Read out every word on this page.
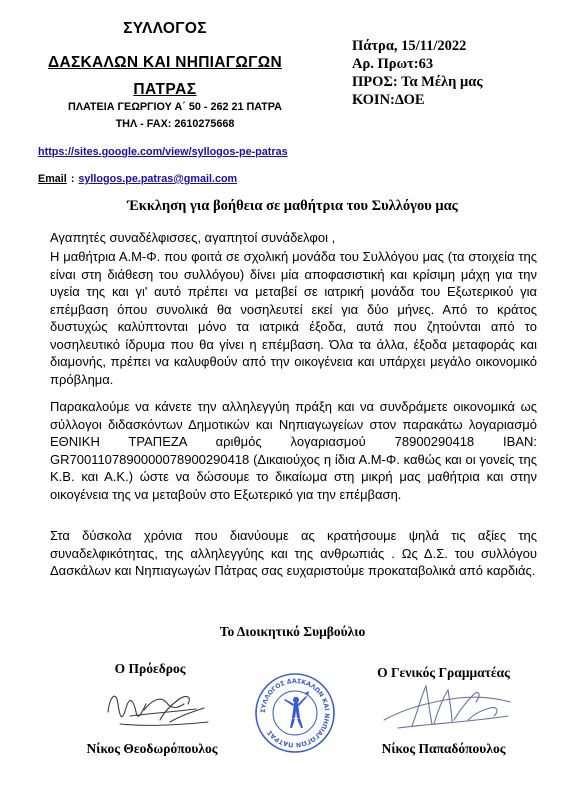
ΣΥΛΛΟΓΟΣ
ΔΑΣΚΑΛΩΝ ΚΑΙ ΝΗΠΙΑΓΩΓΩΝ
ΠΑΤΡΑΣ
ΠΛΑΤΕΙΑ ΓΕΩΡΓΙΟΥ Α΄ 50 - 262 21 ΠΑΤΡΑ
ΤΗΛ - FAX: 2610275668
Πάτρα, 15/11/2022
Αρ. Πρωτ:63
ΠΡΟΣ: Τα Μέλη μας
ΚΟΙΝ:ΔΟΕ
https://sites.google.com/view/syllogos-pe-patras
Email : syllogos.pe.patras@gmail.com
Έκκληση για βοήθεια σε μαθήτρια του Συλλόγου μας
Αγαπητές συναδέλφισσες, αγαπητοί συνάδελφοι ,
Η μαθήτρια Α.Μ-Φ. που φοιτά σε σχολική μονάδα του Συλλόγου μας (τα στοιχεία της είναι στη διάθεση του συλλόγου) δίνει μία αποφασιστική και κρίσιμη μάχη για την υγεία της και γι' αυτό πρέπει να μεταβεί σε ιατρική μονάδα του Εξωτερικού για επέμβαση όπου συνολικά θα νοσηλευτεί εκεί για δύο μήνες. Από το κράτος δυστυχώς καλύπτονται μόνο τα ιατρικά έξοδα, αυτά που ζητούνται από το νοσηλευτικό ίδρυμα που θα γίνει η επέμβαση. Όλα τα άλλα, έξοδα μεταφοράς και διαμονής, πρέπει να καλυφθούν από την οικογένεια και υπάρχει μεγάλο οικονομικό πρόβλημα.
Παρακαλούμε να κάνετε την αλληλεγγύη πράξη και να συνδράμετε οικονομικά ως σύλλογοι διδασκόντων Δημοτικών και Νηπιαγωγείων στον παρακάτω λογαριασμό ΕΘΝΙΚΗ ΤΡΑΠΕΖΑ αριθμός λογαριασμού 78900290418 IBAN: GR7001107890000078900290418 (Δικαιούχος η ίδια Α.Μ-Φ. καθώς και οι γονείς της Κ.Β. και Α.Κ.) ώστε να δώσουμε το δικαίωμα στη μικρή μας μαθήτρια και στην οικογένεια της να μεταβούν στο Εξωτερικό για την επέμβαση.
Στα δύσκολα χρόνια που διανύουμε ας κρατήσουμε ψηλά τις αξίες της συναδελφικότητας, της αλληλεγγύης και της ανθρωπιάς . Ως Δ.Σ. του συλλόγου Δασκάλων και Νηπιαγωγών Πάτρας σας ευχαριστούμε προκαταβολικά από καρδιάς.
Το Διοικητικό Συμβούλιο
Ο Πρόεδρος	Ο Γενικός Γραμματέας
ΣΥΛΛΟΓΟΣ ΔΑΣΚΑΛΩΝ ΚΑΙ ΝΗΠΙΑΓΩΓΩΝ ΠΑΤΡΑΣ
Νίκος Θεοδωρόπουλος	Νίκος Παπαδόπουλος
